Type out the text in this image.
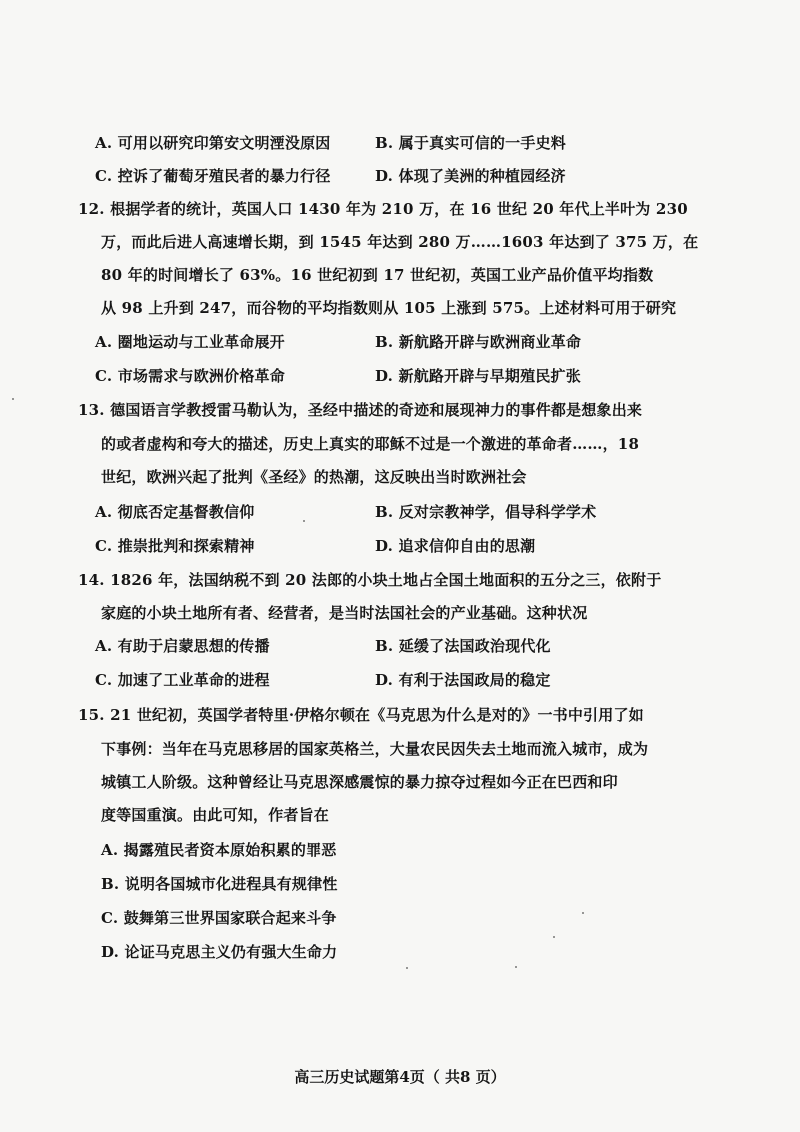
A. 可用以研究印第安文明湮没原因	B. 属于真实可信的一手史料
C. 控诉了葡萄牙殖民者的暴力行径	D. 体现了美洲的种植园经济
12. 根据学者的统计，英国人口 1430 年为 210 万，在 16 世纪 20 年代上半叶为 230
万，而此后进人高速增长期，到 1545 年达到 280 万……1603 年达到了 375 万，在
80 年的时间增长了 63%。16 世纪初到 17 世纪初，英国工业产品价值平均指数
从 98 上升到 247，而谷物的平均指数则从 105 上涨到 575。上述材料可用于研究
A. 圈地运动与工业革命展开	B. 新航路开辟与欧洲商业革命
C. 市场需求与欧洲价格革命	D. 新航路开辟与早期殖民扩张
13. 德国语言学教授雷马勒认为，圣经中描述的奇迹和展现神力的事件都是想象出来
的或者虚构和夸大的描述，历史上真实的耶稣不过是一个激进的革命者……，18
世纪，欧洲兴起了批判《圣经》的热潮，这反映出当时欧洲社会
A. 彻底否定基督教信仰	B. 反对宗教神学，倡导科学学术
C. 推崇批判和探索精神	D. 追求信仰自由的思潮
14. 1826 年，法国纳税不到 20 法郎的小块土地占全国土地面积的五分之三，依附于
家庭的小块土地所有者、经营者，是当时法国社会的产业基础。这种状况
A. 有助于启蒙思想的传播	B. 延缓了法国政治现代化
C. 加速了工业革命的进程	D. 有利于法国政局的稳定
15. 21 世纪初，英国学者特里·伊格尔顿在《马克思为什么是对的》一书中引用了如
下事例：当年在马克思移居的国家英格兰，大量农民因失去土地而流入城市，成为
城镇工人阶级。这种曾经让马克思深感震惊的暴力掠夺过程如今正在巴西和印
度等国重演。由此可知，作者旨在
A. 揭露殖民者资本原始积累的罪恶
B. 说明各国城市化进程具有规律性
C. 鼓舞第三世界国家联合起来斗争
D. 论证马克思主义仍有强大生命力
高三历史试题第4页（ 共8 页）
